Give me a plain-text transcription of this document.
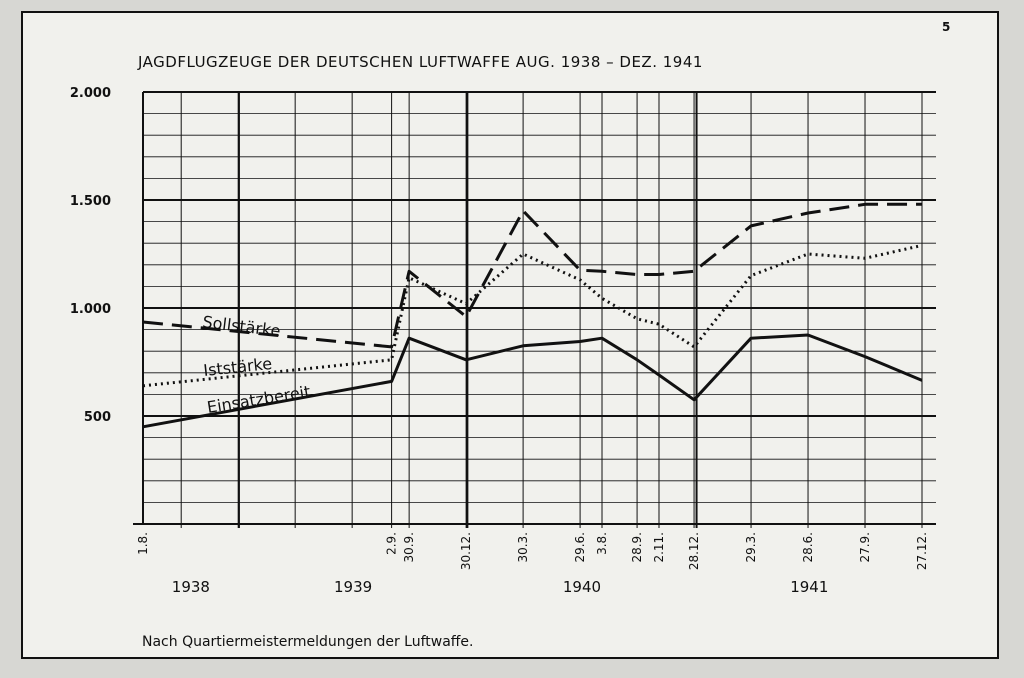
5
JAGDFLUGZEUGE DER DEUTSCHEN LUFTWAFFE AUG. 1938 – DEZ. 1941
500
1.000
1.500
2.000
1.8.	2.9. 30.9.	30.12.	30.3.	29.6. 3.8. 28.9. 2.11. 28.12.	29.3.	28.6.	27.9.	27.12.
1938	1939	1940	1941
Sollstärke
Iststärke
Einsatzbereit
Nach Quartiermeistermeldungen der Luftwaffe.
